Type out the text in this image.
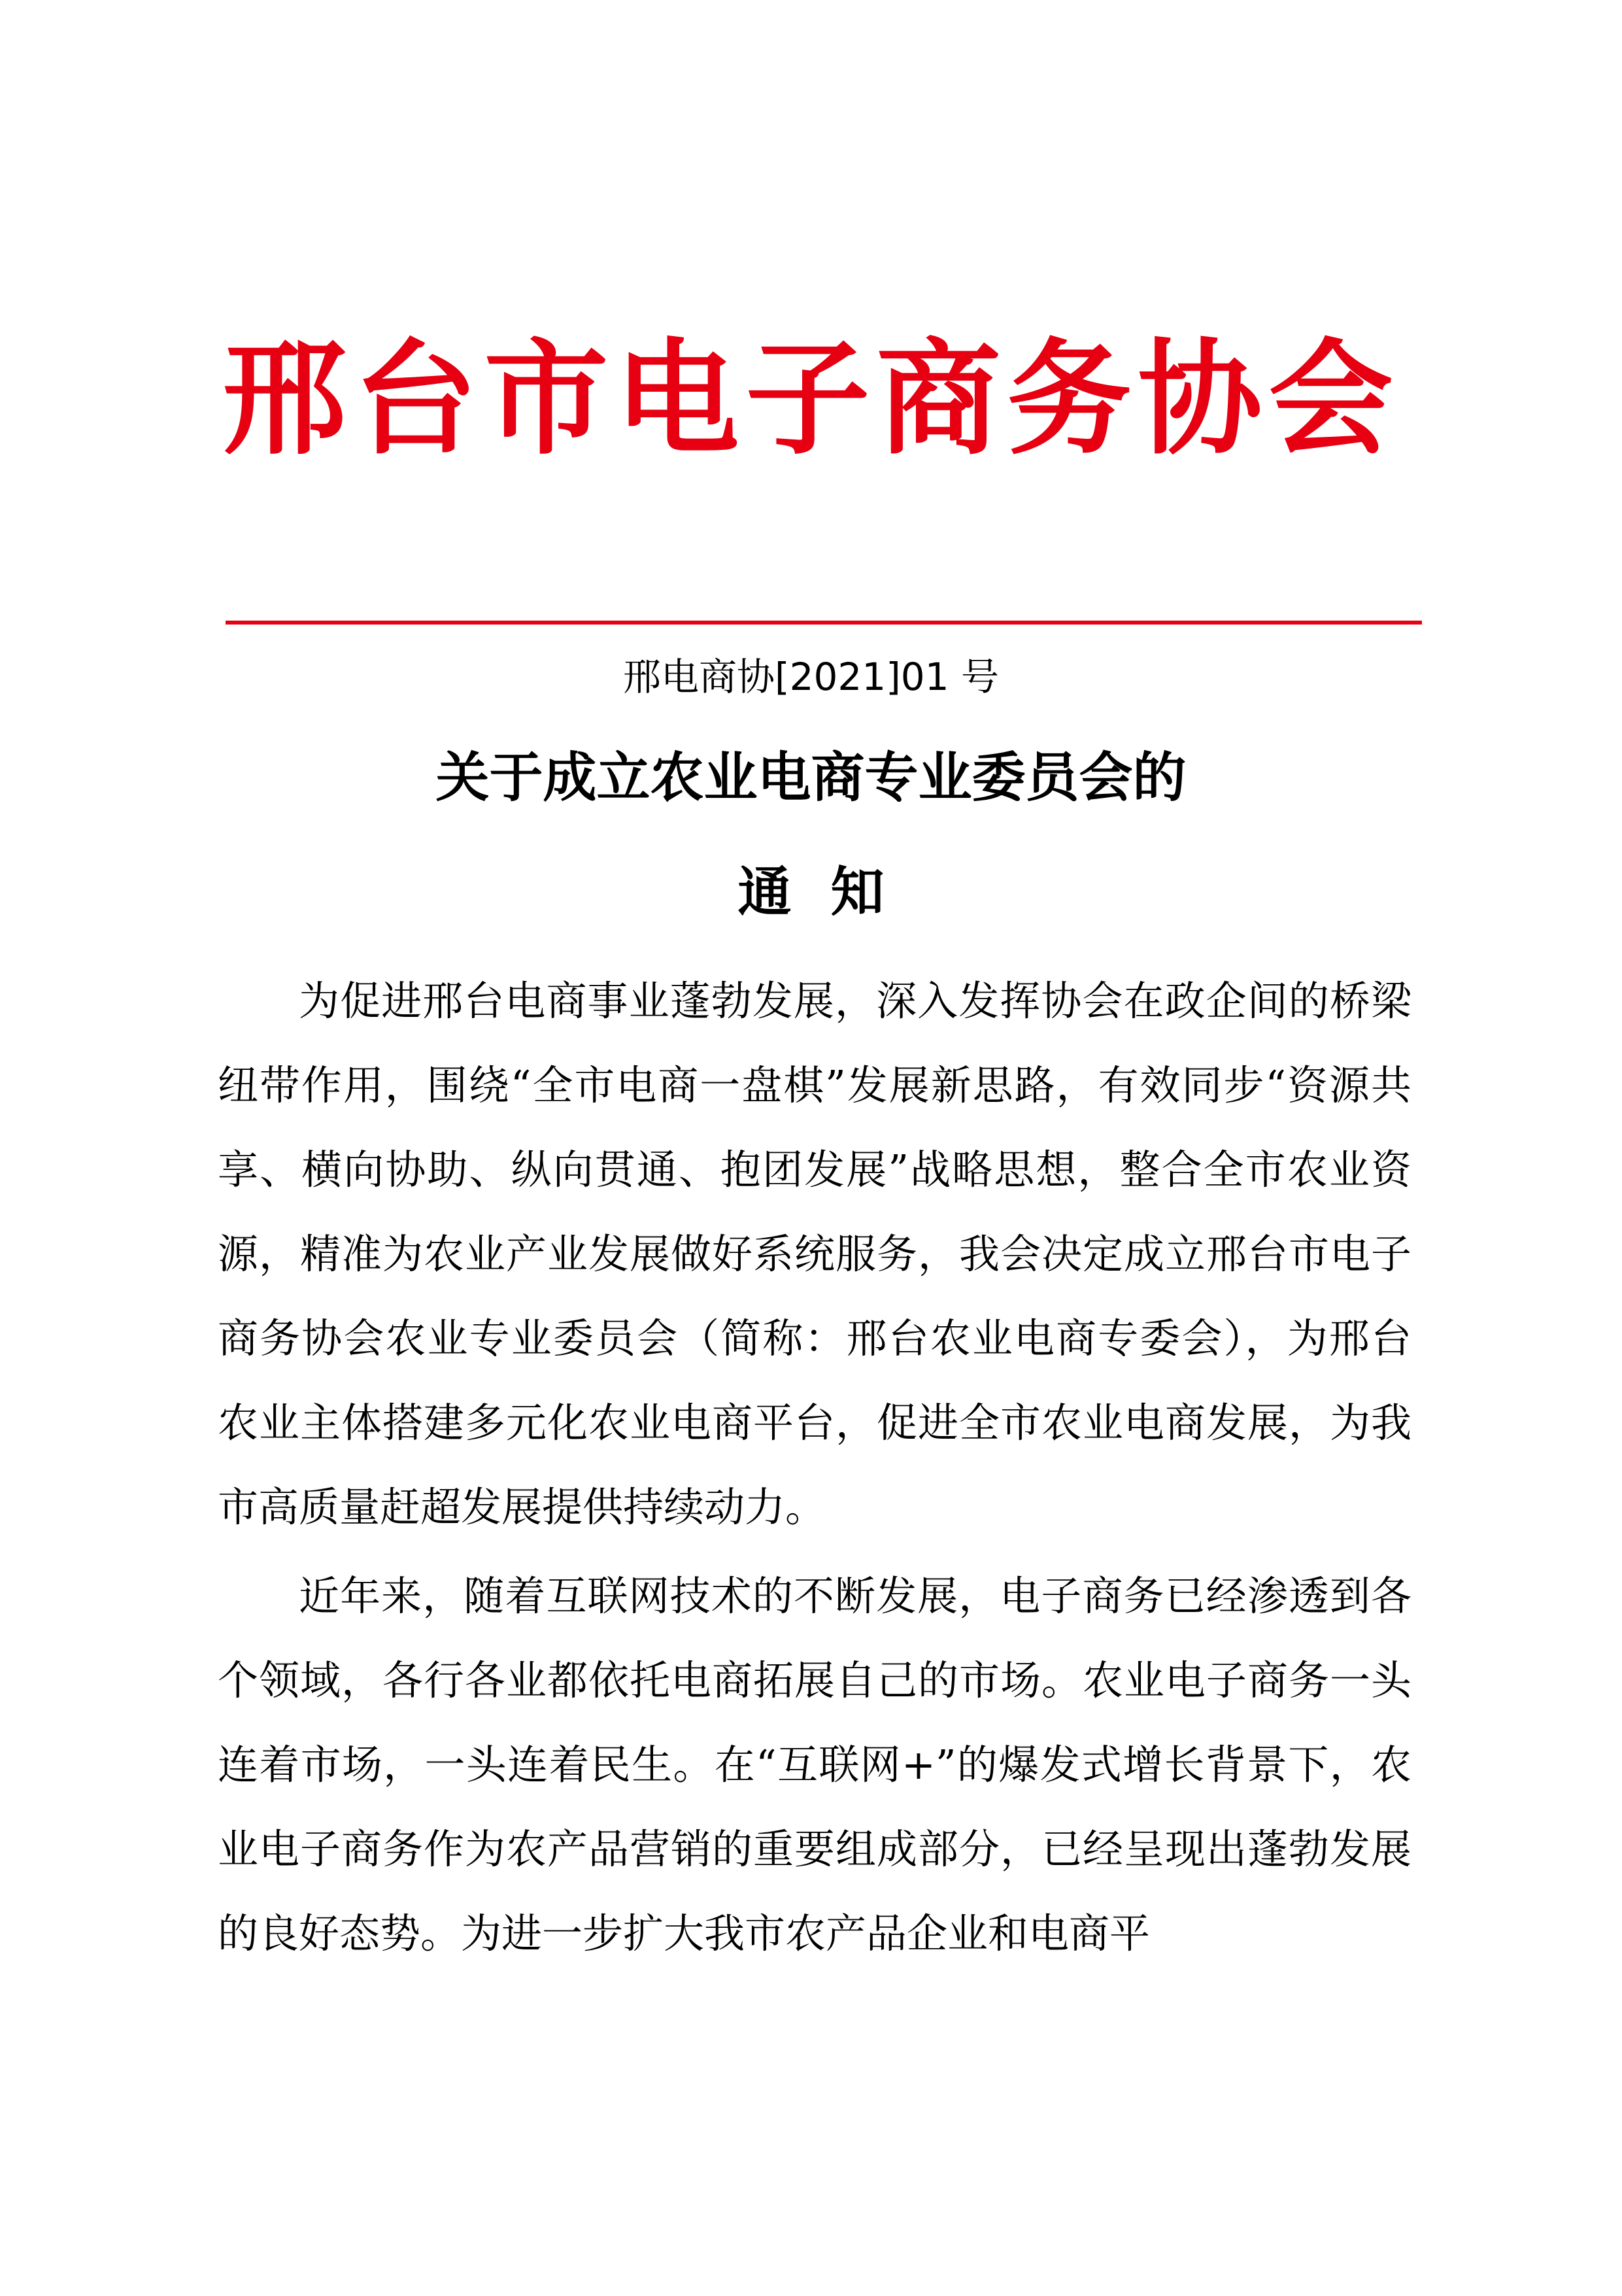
邢台市电子商务协会
邢电商协[2021]01 号
关于成立农业电商专业委员会的
通知

为促进邢台电商事业蓬勃发展，深入发挥协会在政企间的桥梁纽带作用，围绕“全市电商一盘棋”发展新思路，有效同步“资源共享、横向协助、纵向贯通、抱团发展”战略思想，整合全市农业资源，精准为农业产业发展做好系统服务，我会决定成立邢台市电子商务协会农业专业委员会（简称：邢台农业电商专委会），为邢台农业主体搭建多元化农业电商平台，促进全市农业电商发展，为我市高质量赶超发展提供持续动力。

近年来，随着互联网技术的不断发展，电子商务已经渗透到各个领域，各行各业都依托电商拓展自己的市场。农业电子商务一头连着市场，一头连着民生。在“互联网+”的爆发式增长背景下，农业电子商务作为农产品营销的重要组成部分，已经呈现出蓬勃发展的良好态势。为进一步扩大我市农产品企业和电商平
